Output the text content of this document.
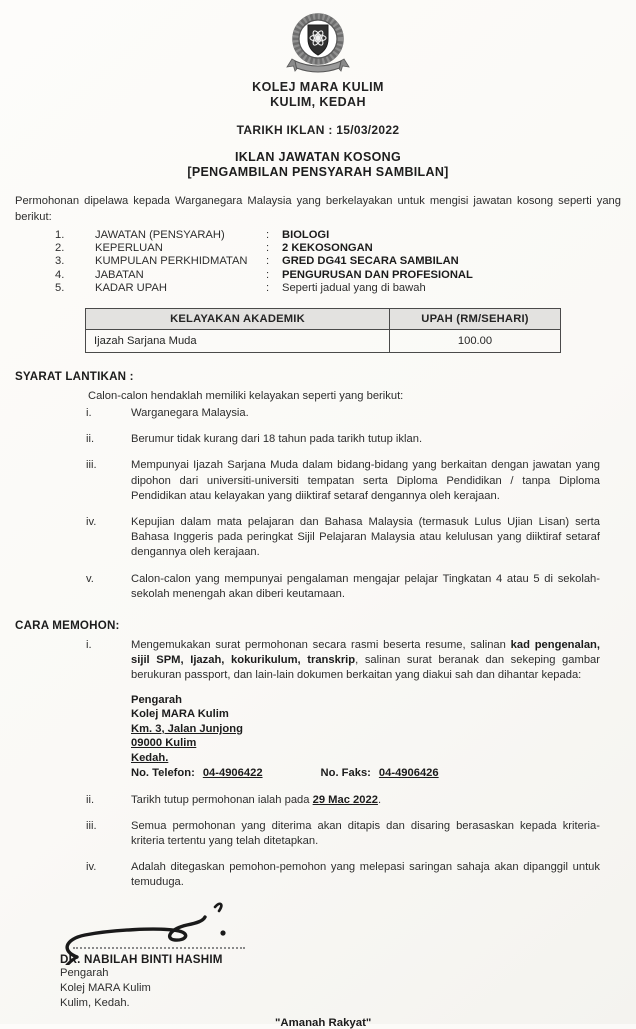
KOLEJ MARA KULIM
KULIM, KEDAH
TARIKH IKLAN : 15/03/2022
IKLAN JAWATAN KOSONG
[PENGAMBILAN PENSYARAH SAMBILAN]
Permohonan dipelawa kepada Warganegara Malaysia yang berkelayakan untuk mengisi jawatan kosong seperti yang berikut:
1.	JAWATAN (PENSYARAH)	:	BIOLOGI
2.	KEPERLUAN	:	2 KEKOSONGAN
3.	KUMPULAN PERKHIDMATAN	:	GRED DG41 SECARA SAMBILAN
4.	JABATAN	:	PENGURUSAN DAN PROFESIONAL
5.	KADAR UPAH	:	Seperti jadual yang di bawah
KELAYAKAN AKADEMIK	UPAH (RM/SEHARI)
Ijazah Sarjana Muda	100.00
SYARAT LANTIKAN :
Calon-calon hendaklah memiliki kelayakan seperti yang berikut:
i.	Warganegara Malaysia.
ii.	Berumur tidak kurang dari 18 tahun pada tarikh tutup iklan.
iii.	Mempunyai Ijazah Sarjana Muda dalam bidang-bidang yang berkaitan dengan jawatan yang dipohon dari universiti-universiti tempatan serta Diploma Pendidikan / tanpa Diploma Pendidikan atau kelayakan yang diiktiraf setaraf dengannya oleh kerajaan.
iv.	Kepujian dalam mata pelajaran dan Bahasa Malaysia (termasuk Lulus Ujian Lisan) serta Bahasa Inggeris pada peringkat Sijil Pelajaran Malaysia atau kelulusan yang diiktiraf setaraf dengannya oleh kerajaan.
v.	Calon-calon yang mempunyai pengalaman mengajar pelajar Tingkatan 4 atau 5 di sekolah-sekolah menengah akan diberi keutamaan.
CARA MEMOHON:
i.	Mengemukakan surat permohonan secara rasmi beserta resume, salinan kad pengenalan, sijil SPM, Ijazah, kokurikulum, transkrip, salinan surat beranak dan sekeping gambar berukuran passport, dan lain-lain dokumen berkaitan yang diakui sah dan dihantar kepada:
Pengarah
Kolej MARA Kulim
Km. 3, Jalan Junjong
09000 Kulim
Kedah.
No. Telefon: 04-4906422	No. Faks: 04-4906426
ii.	Tarikh tutup permohonan ialah pada 29 Mac 2022.
iii.	Semua permohonan yang diterima akan ditapis dan disaring berasaskan kepada kriteria-kriteria tertentu yang telah ditetapkan.
iv.	Adalah ditegaskan pemohon-pemohon yang melepasi saringan sahaja akan dipanggil untuk temuduga.
DR. NABILAH BINTI HASHIM
Pengarah
Kolej MARA Kulim
Kulim, Kedah.
"Amanah Rakyat"
